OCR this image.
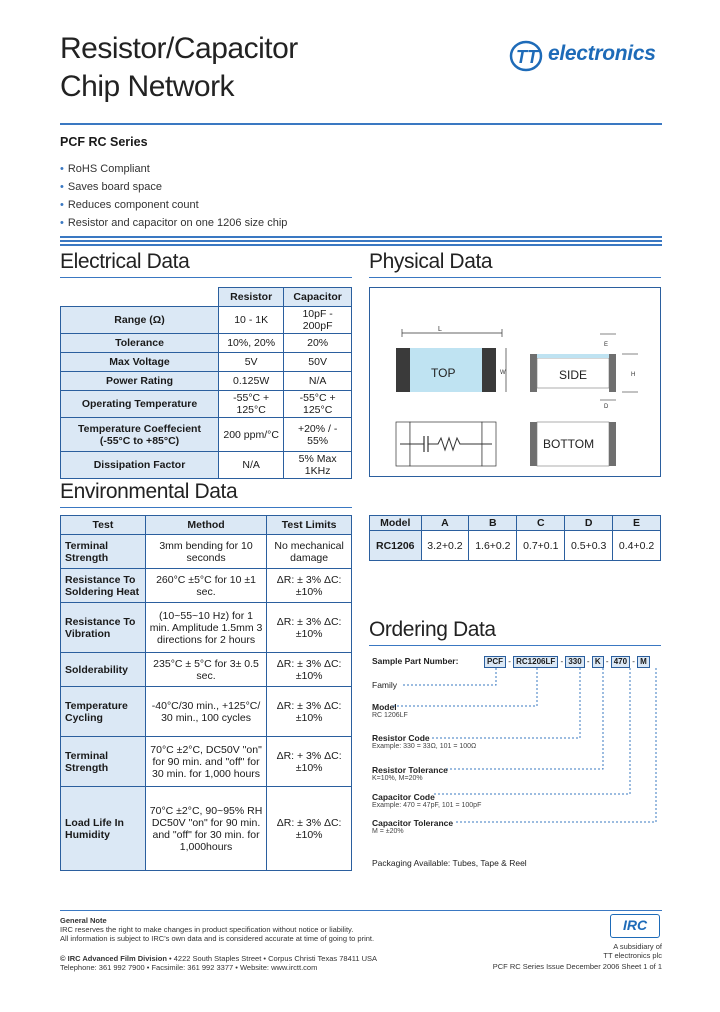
Resistor/Capacitor
Chip Network
TT electronics
PCF RC Series
• RoHS Compliant
• Saves board space
• Reduces component count
• Resistor and capacitor on one 1206 size chip
Electrical Data
	Resistor	Capacitor
Range (Ω)	10 - 1K	10pF - 200pF
Tolerance	10%, 20%	20%
Max Voltage	5V	50V
Power Rating	0.125W	N/A
Operating Temperature	-55°C + 125°C	-55°C + 125°C
Temperature Coeffecient (-55°C to +85°C)	200 ppm/°C	+20% / - 55%
Dissipation Factor	N/A	5% Max 1KHz
Environmental Data
Test	Method	Test Limits
Terminal Strength	3mm bending for 10 seconds	No mechanical damage
Resistance To Soldering Heat	260°C ±5°C for 10 ±1 sec.	ΔR: ± 3% ΔC: ±10%
Resistance To Vibration	(10~55~10 Hz) for 1 min. Amplitude 1.5mm 3 directions for 2 hours	ΔR: ± 3% ΔC: ±10%
Solderability	235°C ± 5°C for 3± 0.5 sec.	ΔR: ± 3% ΔC: ±10%
Temperature Cycling	-40°C/30 min., +125°C/ 30 min., 100 cycles	ΔR: ± 3% ΔC: ±10%
Terminal Strength	70°C ±2°C, DC50V "on" for 90 min. and "off" for 30 min. for 1,000 hours	ΔR: + 3% ΔC: ±10%
Load Life In Humidity	70°C ±2°C, 90~95% RH DC50V "on" for 90 min. and "off" for 30 min. for 1,000hours	ΔR: ± 3% ΔC: ±10%
Physical Data
L
TOP	W	SIDE
E
D
H
BOTTOM
Model	A	B	C	D	E
RC1206	3.2+0.2	1.6+0.2	0.7+0.1	0.5+0.3	0.4+0.2
Ordering Data
Sample Part Number:	PCF - RC1206LF - 330 - K - 470 - M
Family
Model
RC 1206LF
Resistor Code
Example: 330 = 33Ω, 101 = 100Ω
Resistor Tolerance
K=10%, M=20%
Capacitor Code
Example: 470 = 47pF, 101 = 100pF
Capacitor Tolerance
M = ±20%
Packaging Available: Tubes, Tape & Reel
General Note
IRC reserves the right to make changes in product specification without notice or liability.
All information is subject to IRC's own data and is considered accurate at time of going to print.
© IRC Advanced Film Division • 4222 South Staples Street • Corpus Christi Texas 78411 USA
Telephone: 361 992 7900 • Facsimile: 361 992 3377 • Website: www.irctt.com
IRC
A subsidiary of
TT electronics plc
PCF RC Series Issue December 2006 Sheet 1 of 1
